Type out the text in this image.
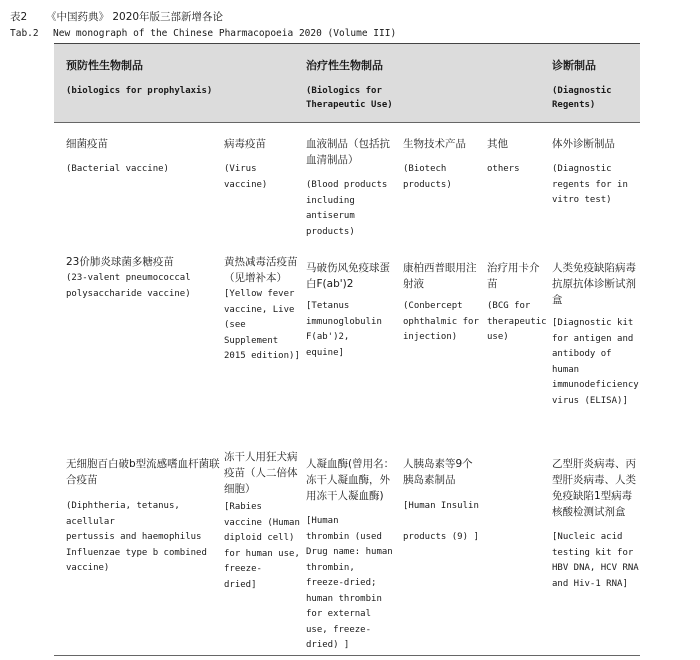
表2 《中国药典》 2020年版三部新增各论
Tab.2 New monograph of the Chinese Pharmacopoeia 2020 (Volume III)
预防性生物制品
(biologics for prophylaxis)
治疗性生物制品
(Biologics for
Therapeutic Use)
诊断制品
(Diagnostic
Regents)
细菌疫苗
(Bacterial vaccine)
病毒疫苗
(Virus
vaccine)
血液制品（包括抗
血清制品）
(Blood products
including
antiserum
products)
生物技术产品
(Biotech
products)
其他
others
体外诊断制品
(Diagnostic
regents for in
vitro test)
23价肺炎球菌多糖疫苗
(23-valent pneumococcal
polysaccharide vaccine)
黄热减毒活疫苗
（见增补本）
[Yellow fever
vaccine, Live
(see
Supplement
2015 edition)]
马破伤风免疫球蛋
白F(ab')2
[Tetanus
immunoglobulin
F(ab')2,
equine]
康柏西普眼用注
射液
(Conbercept
ophthalmic for
injection)
治疗用卡介
苗
(BCG for
therapeutic
use)
人类免疫缺陷病毒
抗原抗体诊断试剂
盒
[Diagnostic kit
for antigen and
antibody of
human
immunodeficiency
virus (ELISA)]
无细胞百白破b型流感嗜血杆菌联
合疫苗
(Diphtheria, tetanus, acellular
pertussis and haemophilus
Influenzae type b combined
vaccine)
冻干人用狂犬病
疫苗（人二倍体
细胞）
[Rabies
vaccine (Human
diploid cell)
for human use,
freeze-
dried]
人凝血酶(曾用名：
冻干人凝血酶，外
用冻干人凝血酶)
[Human
thrombin (used
Drug name: human
thrombin,
freeze-dried;
human thrombin
for external
use, freeze-
dried) ]
人胰岛素等9个
胰岛素制品
[Human Insulin

products (9) ]
乙型肝炎病毒、丙
型肝炎病毒、人类
免疫缺陷1型病毒
核酸检测试剂盒
[Nucleic acid
testing kit for
HBV DNA, HCV RNA
and Hiv-1 RNA]
